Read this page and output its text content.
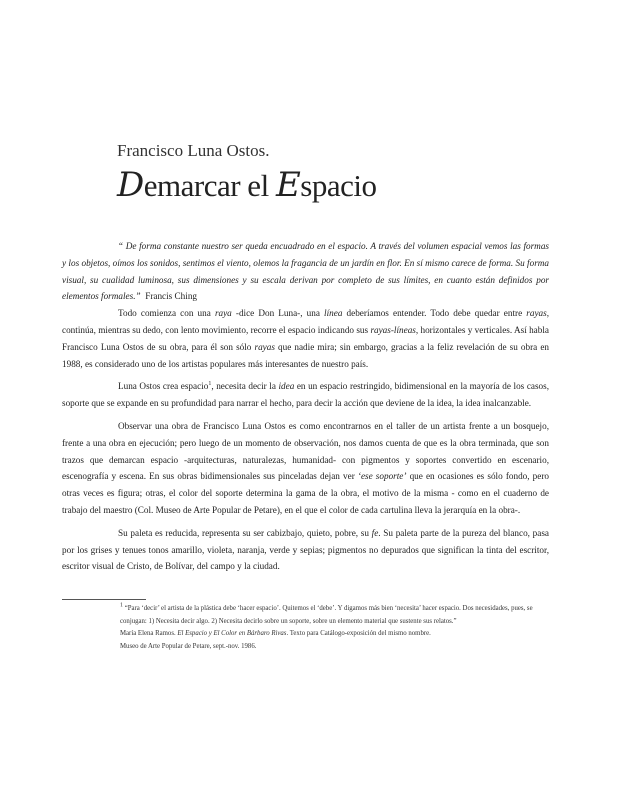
Francisco Luna Ostos.
Demarcar el Espacio

“ De forma constante nuestro ser queda encuadrado en el espacio. A través del volumen espacial vemos las formas y los objetos, oímos los sonidos, sentimos el viento, olemos la fragancia de un jardín en flor. En sí mismo carece de forma. Su forma visual, su cualidad luminosa, sus dimensiones y su escala derivan por completo de sus límites, en cuanto están definidos por elementos formales.” Francis Ching

Todo comienza con una raya -dice Don Luna-, una línea deberíamos entender. Todo debe quedar entre rayas, continúa, mientras su dedo, con lento movimiento, recorre el espacio indicando sus rayas-líneas, horizontales y verticales. Así habla Francisco Luna Ostos de su obra, para él son sólo rayas que nadie mira; sin embargo, gracias a la feliz revelación de su obra en 1988, es considerado uno de los artistas populares más interesantes de nuestro país.

Luna Ostos crea espacio$^1$, necesita decir la idea en un espacio restringido, bidimensional en la mayoría de los casos, soporte que se expande en su profundidad para narrar el hecho, para decir la acción que deviene de la idea, la idea inalcanzable.

Observar una obra de Francisco Luna Ostos es como encontrarnos en el taller de un artista frente a un bosquejo, frente a una obra en ejecución; pero luego de un momento de observación, nos damos cuenta de que es la obra terminada, que son trazos que demarcan espacio -arquitecturas, naturalezas, humanidad- con pigmentos y soportes convertido en escenario, escenografía y escena. En sus obras bidimensionales sus pinceladas dejan ver ‘ese soporte’ que en ocasiones es sólo fondo, pero otras veces es figura; otras, el color del soporte determina la gama de la obra, el motivo de la misma - como en el cuaderno de trabajo del maestro (Col. Museo de Arte Popular de Petare), en el que el color de cada cartulina lleva la jerarquía en la obra-.

Su paleta es reducida, representa su ser cabizbajo, quieto, pobre, su fe. Su paleta parte de la pureza del blanco, pasa por los grises y tenues tonos amarillo, violeta, naranja, verde y sepias; pigmentos no depurados que significan la tinta del escritor, escritor visual de Cristo, de Bolívar, del campo y la ciudad.

$^1$ “Para ‘decir’ el artista de la plástica debe ‘hacer espacio’. Quitemos el ‘debe’. Y digamos más bien ‘necesita’ hacer espacio. Dos necesidades, pues, se conjugan: 1) Necesita decir algo. 2) Necesita decirlo sobre un soporte, sobre un elemento material que sustente sus relatos.”

María Elena Ramos. El Espacio y El Color en Bárbaro Rivas. Texto para Catálogo-exposición del mismo nombre.

Museo de Arte Popular de Petare, sept.-nov. 1986.
